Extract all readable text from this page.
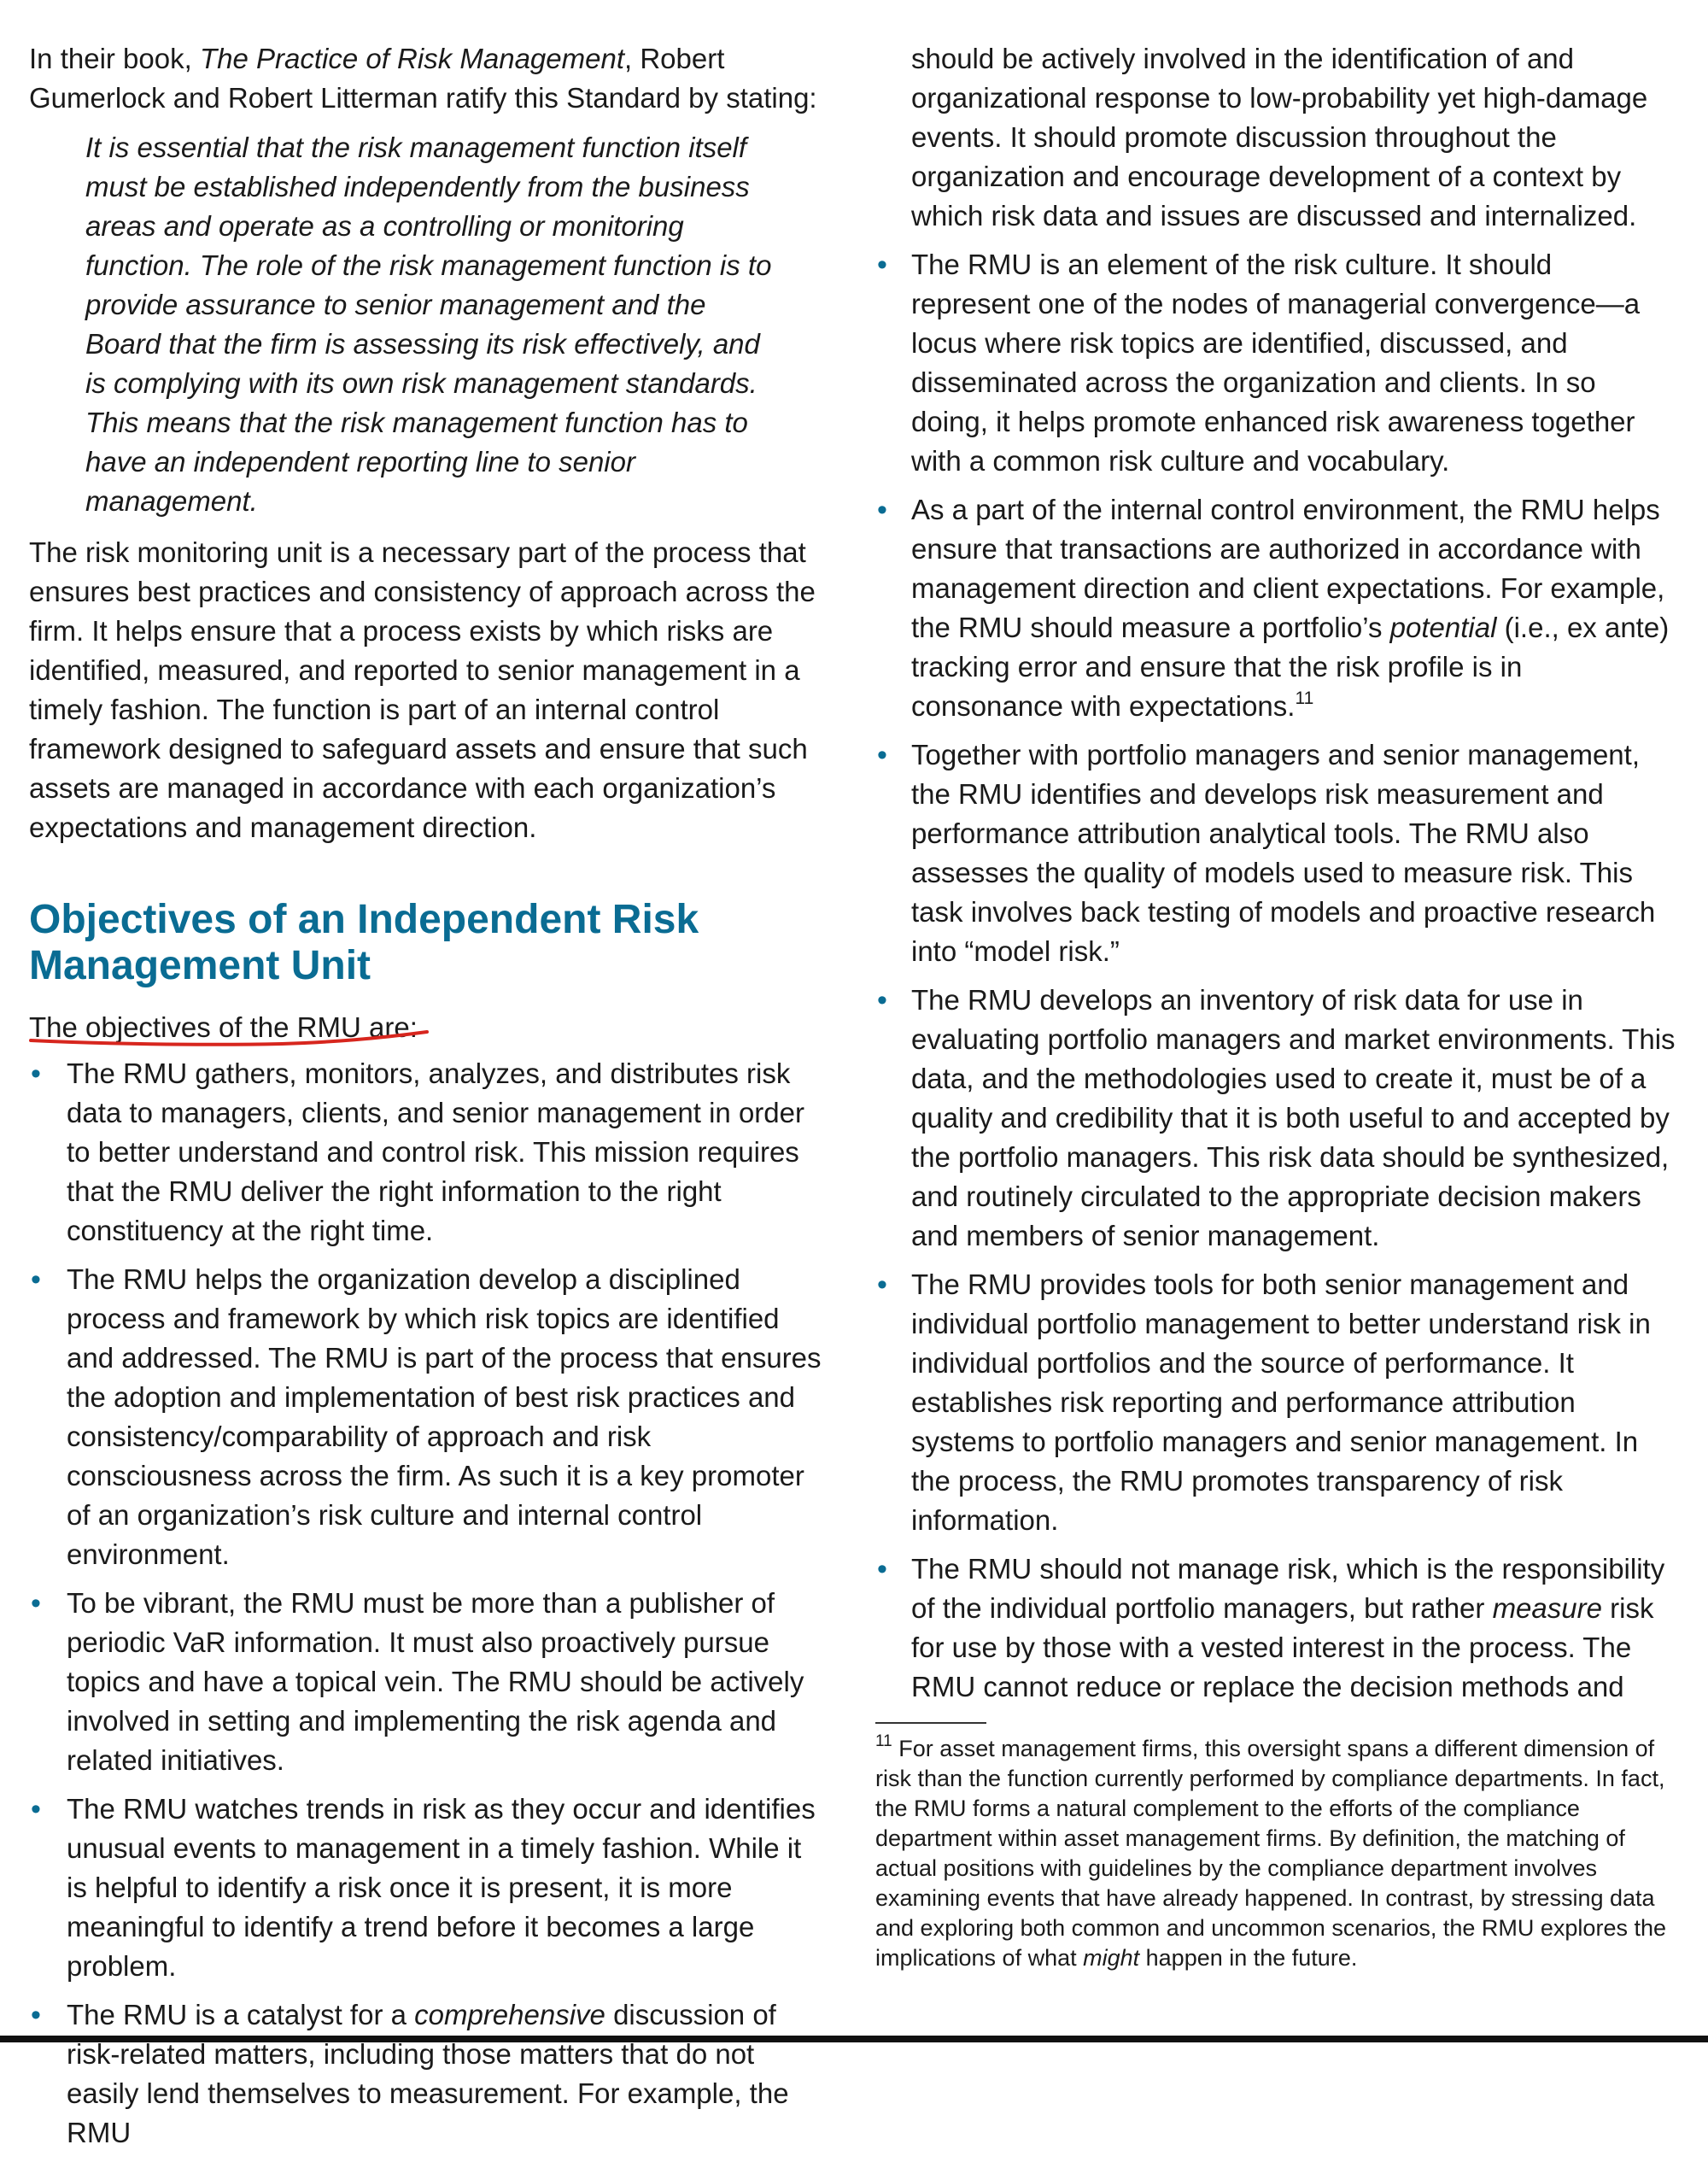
In their book, The Practice of Risk Management, Robert Gumerlock and Robert Litterman ratify this Standard by stating:

It is essential that the risk management function itself must be established independently from the business areas and operate as a controlling or monitoring function. The role of the risk management function is to provide assurance to senior management and the Board that the firm is assessing its risk effectively, and is complying with its own risk management standards. This means that the risk management function has to have an independent reporting line to senior management.

The risk monitoring unit is a necessary part of the process that ensures best practices and consistency of approach across the firm. It helps ensure that a process exists by which risks are identified, measured, and reported to senior management in a timely fashion. The function is part of an internal control framework designed to safeguard assets and ensure that such assets are managed in accordance with each organization’s expectations and management direction.

Objectives of an Independent Risk Management Unit

The objectives of the RMU are:

• The RMU gathers, monitors, analyzes, and distributes risk data to managers, clients, and senior management in order to better understand and control risk. This mission requires that the RMU deliver the right information to the right constituency at the right time.
• The RMU helps the organization develop a disciplined process and framework by which risk topics are identified and addressed. The RMU is part of the process that ensures the adoption and implementation of best risk practices and consistency/comparability of approach and risk consciousness across the firm. As such it is a key promoter of an organization’s risk culture and internal control environment.
• To be vibrant, the RMU must be more than a publisher of periodic VaR information. It must also proactively pursue topics and have a topical vein. The RMU should be actively involved in setting and implementing the risk agenda and related initiatives.
• The RMU watches trends in risk as they occur and identifies unusual events to management in a timely fashion. While it is helpful to identify a risk once it is present, it is more meaningful to identify a trend before it becomes a large problem.
• The RMU is a catalyst for a comprehensive discussion of risk-related matters, including those matters that do not easily lend themselves to measurement. For example, the RMU

should be actively involved in the identification of and organizational response to low-probability yet high-damage events. It should promote discussion throughout the organization and encourage development of a context by which risk data and issues are discussed and internalized.

• The RMU is an element of the risk culture. It should represent one of the nodes of managerial convergence—a locus where risk topics are identified, discussed, and disseminated across the organization and clients. In so doing, it helps promote enhanced risk awareness together with a common risk culture and vocabulary.
• As a part of the internal control environment, the RMU helps ensure that transactions are authorized in accordance with management direction and client expectations. For example, the RMU should measure a portfolio’s potential (i.e., ex ante) tracking error and ensure that the risk profile is in consonance with expectations.$^{11}$
• Together with portfolio managers and senior management, the RMU identifies and develops risk measurement and performance attribution analytical tools. The RMU also assesses the quality of models used to measure risk. This task involves back testing of models and proactive research into “model risk.”
• The RMU develops an inventory of risk data for use in evaluating portfolio managers and market environments. This data, and the methodologies used to create it, must be of a quality and credibility that it is both useful to and accepted by the portfolio managers. This risk data should be synthesized, and routinely circulated to the appropriate decision makers and members of senior management.
• The RMU provides tools for both senior management and individual portfolio management to better understand risk in individual portfolios and the source of performance. It establishes risk reporting and performance attribution systems to portfolio managers and senior management. In the process, the RMU promotes transparency of risk information.
• The RMU should not manage risk, which is the responsibility of the individual portfolio managers, but rather measure risk for use by those with a vested interest in the process. The RMU cannot reduce or replace the decision methods and

$^{11}$ For asset management firms, this oversight spans a different dimension of risk than the function currently performed by compliance departments. In fact, the RMU forms a natural complement to the efforts of the compliance department within asset management firms. By definition, the matching of actual positions with guidelines by the compliance department involves examining events that have already happened. In contrast, by stressing data and exploring both common and uncommon scenarios, the RMU explores the implications of what might happen in the future.
